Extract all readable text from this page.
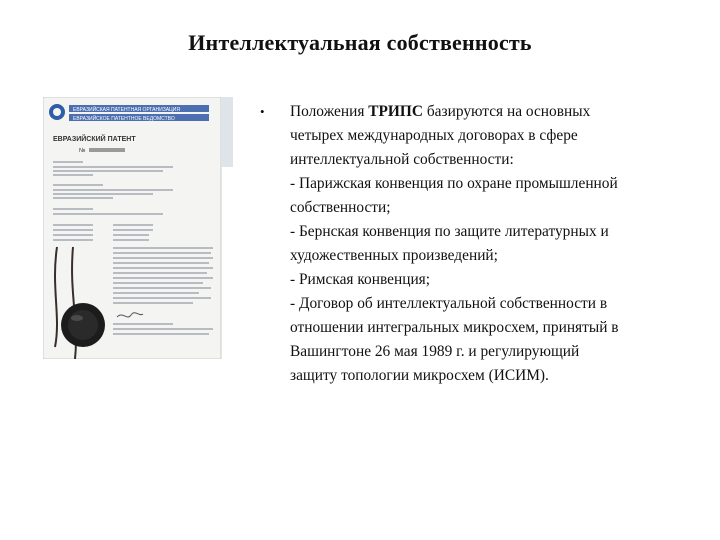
Интеллектуальная собственность
ЕВРАЗИЙСКАЯ ПАТЕНТНАЯ ОРГАНИЗАЦИЯ
ЕВРАЗИЙСКОЕ ПАТЕНТНОЕ ВЕДОМСТВО
ЕВРАЗИЙСКИЙ ПАТЕНТ
№
•	Положения ТРИПС базируются на основных
четырех международных договорах в сфере
интеллектуальной собственности:
- Парижская конвенция по охране промышленной
собственности;
- Бернская конвенция по защите литературных и
художественных произведений;
- Римская конвенция;
- Договор об интеллектуальной собственности в
отношении интегральных микросхем, принятый в
Вашингтоне 26 мая 1989 г. и регулирующий
защиту топологии микросхем (ИСИМ).
